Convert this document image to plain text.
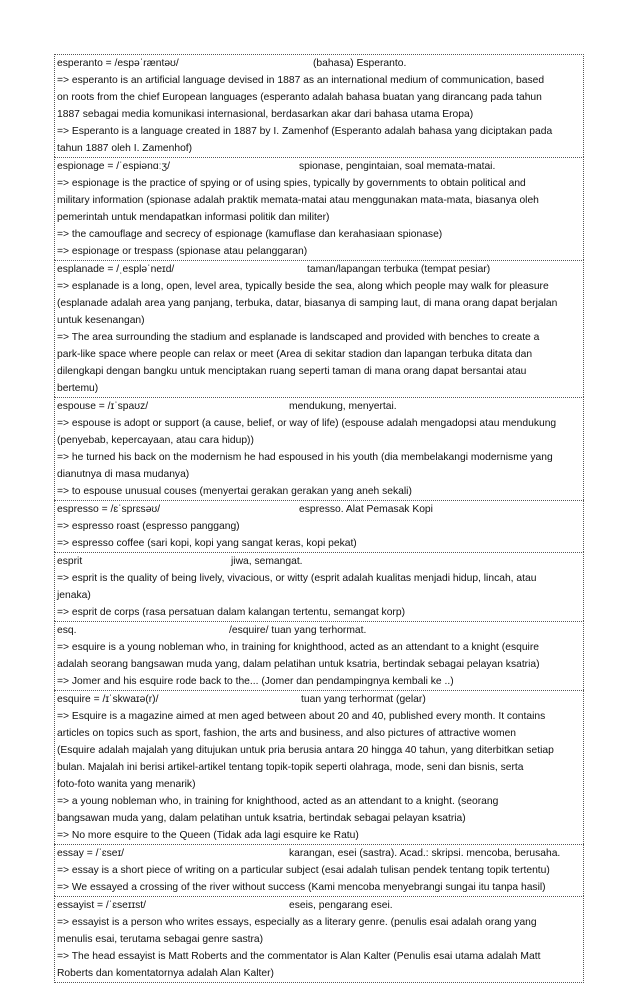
esperanto = /espəˈræntəʊ/	(bahasa) Esperanto.
=> esperanto is an artificial language devised in 1887 as an international medium of communication, based
on roots from the chief European languages (esperanto adalah bahasa buatan yang dirancang pada tahun
1887 sebagai media komunikasi internasional, berdasarkan akar dari bahasa utama Eropa)
=> Esperanto is a language created in 1887 by I. Zamenhof (Esperanto adalah bahasa yang diciptakan pada
tahun 1887 oleh I. Zamenhof)
espionage = /ˈespiənɑːʒ/	spionase, pengintaian, soal memata-matai.
=> espionage is the practice of spying or of using spies, typically by governments to obtain political and
military information (spionase adalah praktik memata-matai atau menggunakan mata-mata, biasanya oleh
pemerintah untuk mendapatkan informasi politik dan militer)
=> the camouflage and secrecy of espionage (kamuflase dan kerahasiaan spionase)
=> espionage or trespass (spionase atau pelanggaran)
esplanade = /ˌespləˈneɪd/	taman/lapangan terbuka (tempat pesiar)
=> esplanade is a long, open, level area, typically beside the sea, along which people may walk for pleasure
(esplanade adalah area yang panjang, terbuka, datar, biasanya di samping laut, di mana orang dapat berjalan
untuk kesenangan)
=> The area surrounding the stadium and esplanade is landscaped and provided with benches to create a
park-like space where people can relax or meet (Area di sekitar stadion dan lapangan terbuka ditata dan
dilengkapi dengan bangku untuk menciptakan ruang seperti taman di mana orang dapat bersantai atau
bertemu)
espouse = /ɪˈspaʊz/	mendukung, menyertai.
=> espouse is adopt or support (a cause, belief, or way of life) (espouse adalah mengadopsi atau mendukung
(penyebab, kepercayaan, atau cara hidup))
=> he turned his back on the modernism he had espoused in his youth (dia membelakangi modernisme yang
dianutnya di masa mudanya)
=> to espouse unusual couses (menyertai gerakan gerakan yang aneh sekali)
espresso = /ɛˈsprɛsəʊ/	espresso. Alat Pemasak Kopi
=> espresso roast (espresso panggang)
=> espresso coffee (sari kopi, kopi yang sangat keras, kopi pekat)
esprit	jiwa, semangat.
=> esprit is the quality of being lively, vivacious, or witty (esprit adalah kualitas menjadi hidup, lincah, atau
jenaka)
=> esprit de corps (rasa persatuan dalam kalangan tertentu, semangat korp)
esq.	/esquire/ tuan yang terhormat.
=> esquire is a young nobleman who, in training for knighthood, acted as an attendant to a knight (esquire
adalah seorang bangsawan muda yang, dalam pelatihan untuk ksatria, bertindak sebagai pelayan ksatria)
=> Jomer and his esquire rode back to the... (Jomer dan pendampingnya kembali ke ..)
esquire = /ɪˈskwaɪə(r)/	tuan yang terhormat (gelar)
=> Esquire is a magazine aimed at men aged between about 20 and 40, published every month. It contains
articles on topics such as sport, fashion, the arts and business, and also pictures of attractive women
(Esquire adalah majalah yang ditujukan untuk pria berusia antara 20 hingga 40 tahun, yang diterbitkan setiap
bulan. Majalah ini berisi artikel-artikel tentang topik-topik seperti olahraga, mode, seni dan bisnis, serta
foto-foto wanita yang menarik)
=> a young nobleman who, in training for knighthood, acted as an attendant to a knight. (seorang
bangsawan muda yang, dalam pelatihan untuk ksatria, bertindak sebagai pelayan ksatria)
=> No more esquire to the Queen (Tidak ada lagi esquire ke Ratu)
essay = /ˈɛseɪ/	karangan, esei (sastra). Acad.: skripsi. mencoba, berusaha.
=> essay is a short piece of writing on a particular subject (esai adalah tulisan pendek tentang topik tertentu)
=> We essayed a crossing of the river without success (Kami mencoba menyebrangi sungai itu tanpa hasil)
essayist = /ˈɛseɪɪst/	eseis, pengarang esei.
=> essayist is a person who writes essays, especially as a literary genre. (penulis esai adalah orang yang
menulis esai, terutama sebagai genre sastra)
=> The head essayist is Matt Roberts and the commentator is Alan Kalter (Penulis esai utama adalah Matt
Roberts dan komentatornya adalah Alan Kalter)
